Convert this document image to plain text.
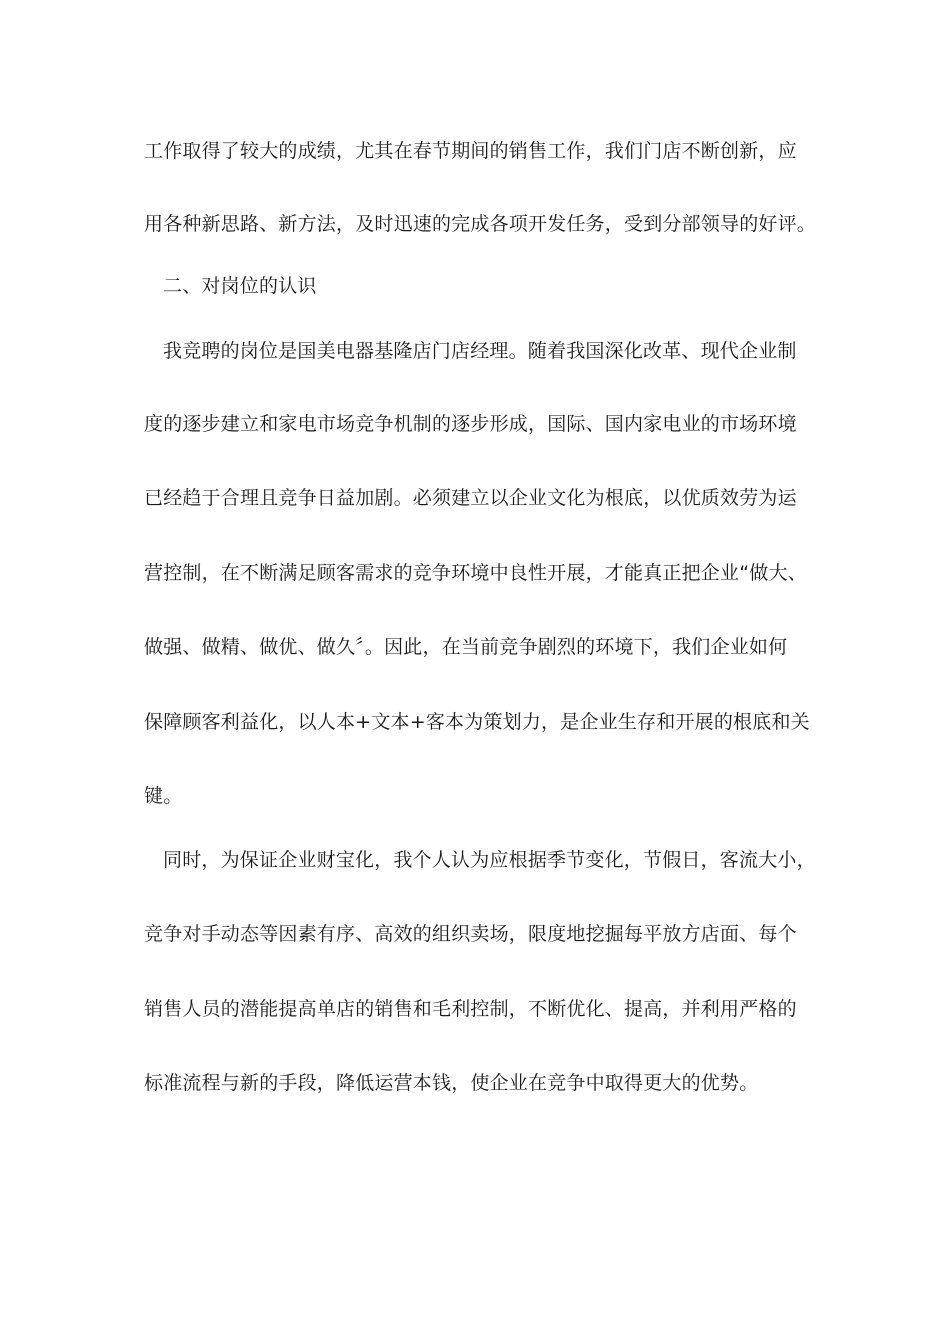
工作取得了较大的成绩，尤其在春节期间的销售工作，我们门店不断创新，应
用各种新思路、新方法，及时迅速的完成各项开发任务，受到分部领导的好评。
二、对岗位的认识
我竞聘的岗位是国美电器基隆店门店经理。随着我国深化改革、现代企业制
度的逐步建立和家电市场竞争机制的逐步形成，国际、国内家电业的市场环境
已经趋于合理且竞争日益加剧。必须建立以企业文化为根底，以优质效劳为运
营控制，在不断满足顾客需求的竞争环境中良性开展，才能真正把企业“做大、
做强、做精、做优、做久〞。因此，在当前竞争剧烈的环境下，我们企业如何
保障顾客利益化，以人本+文本+客本为策划力，是企业生存和开展的根底和关
键。
同时，为保证企业财宝化，我个人认为应根据季节变化，节假日，客流大小，
竞争对手动态等因素有序、高效的组织卖场，限度地挖掘每平放方店面、每个
销售人员的潜能提高单店的销售和毛利控制，不断优化、提高，并利用严格的
标准流程与新的手段，降低运营本钱，使企业在竞争中取得更大的优势。
